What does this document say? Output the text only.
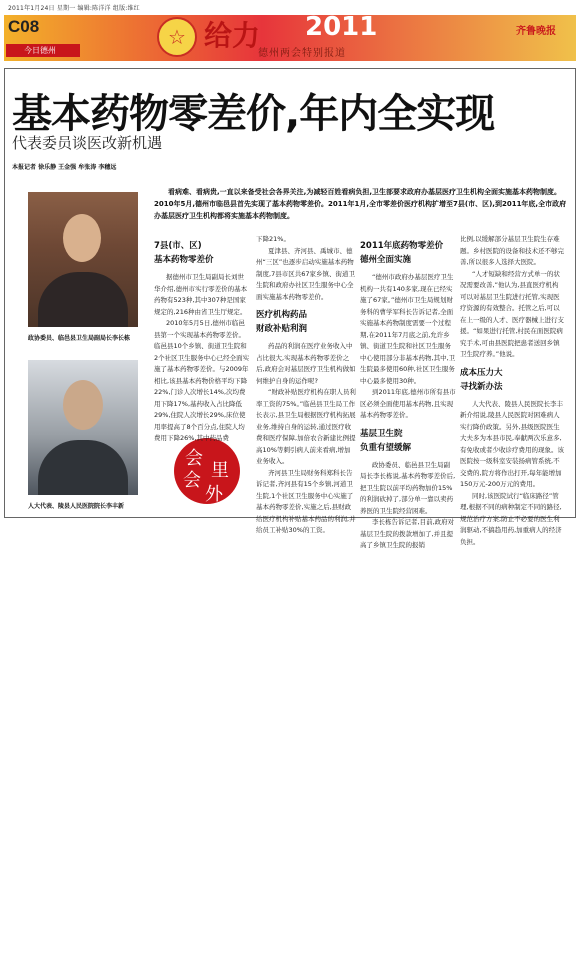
2011年1月24日 星期一 编辑:陈洋洋 组版:维红
C08
今日德州
☆ 给力 2011
德州两会特别报道
齐鲁晚报
基本药物零差价,年内全实现
代表委员谈医改新机遇
本报记者 徐乐静 王金强 牟张涛 李穗远
看病难、看病贵,一直以来备受社会各界关注,为减轻百姓看病负担,卫生部要求政府办基层医疗卫生机构全面实施基本药物制度。2010年5月,德州市临邑县首先实现了基本药物零差价。2011年1月,全市零差价医疗机构扩增至7县(市、区),到2011年底,全市政府办基层医疗卫生机构都将实施基本药物制度。
政协委员、临邑县卫生局副局长李长栋
人大代表、陵县人民医院院长李丰新
会
里
会
外
7县(市、区)
基本药物零差价

据德州市卫生局副局长刘世华介绍,德州市实行零差价的基本药物有523种,其中307种是国家规定的,216种由省卫生厅规定。

2010年5月5日,德州市临邑县第一个实现基本药物零差价。临邑县10个乡镇、街道卫生院和2个社区卫生服务中心已经全面实施了基本药物零差价。与2009年相比,该县基本药物价格平均下降22%,门诊人次增长14%,次均费用下降17%,基药收入占比降低29%,住院人次增长29%,床位使用率提高了8个百分点,住院人均费用下降26%,其中药品费

下降21%。

夏津县、齐河县、禹城市、德州“三区”也逐步启动实施基本药物制度,7县市区共67家乡镇、街道卫生院和政府办社区卫生服务中心全面实施基本药物零差价。

医疗机构药品
财政补贴利润

药品的利润在医疗业务收入中占比很大,实现基本药物零差价之后,政府会对基层医疗卫生机构做如何维护自身的运作呢?

“财政补贴医疗机构在职人员利率工资的75%。”临邑县卫生局工作长表示,县卫生局根据医疗机构拓展业务,维持自身的运转,通过医疗收费和医疗保障,加倍农合新建比例提高10%等刺引病人前来看病,增加业务收入。

齐河县卫生局财务科郑科长告诉记者,齐河县有15个乡镇,河道卫生院,1个社区卫生服务中心实施了基本药物零差价,实施之后,县财政给医疗机构补贴基本药品的利润,并给员工补贴30%的工资。

2011年底药物零差价
德州全面实施

“德州市政府办基层医疗卫生机构一共有140多家,现在已经实施了67家。”德州市卫生局规划财务科的曹学军科长告诉记者,全面实施基本药物制度需要一个过程期,在2011年7月底之前,允许乡镇、街道卫生院和社区卫生服务中心使用部分非基本药物,其中,卫生院最多使用60种,社区卫生服务中心最多使用30种。

到2011年底,德州市所有县市区必须全面使用基本药物,且实现基本药物零差价。

基层卫生院
负重有望缓解

政协委员、临邑县卫生局副局长李长栋说,基本药物零差价后,把卫生院以前平均药物加价15%的利润砍掉了,部分单一靠以卖药养医的卫生院经营困难。

李长栋告诉记者,目前,政府对基层卫生院的拨款增加了,并且提高了乡镇卫生院的报销

比例,以缓解部分基层卫生院生存难题。乡村医院的设备和技术还不够完善,所以很多人选择大医院。

“人才短缺和经营方式单一的状况需要改善,”他认为,县直医疗机构可以对基层卫生院进行托管,实现医疗资源的有效整合。托管之后,可以在上一级的人才、医疗器械上进行支援。“如果进行托管,村民在面医院病究手术,可由县医院把患者送回乡镇卫生院疗养。”他说。

成本压力大
寻找新办法

人大代表、陵县人民医院长李丰新介绍说,陵县人民医院对困难病人实行降价政策。另外,县级医院医生大夫多为本县市民,奉献两次乐意多,有免收或者少收诊疗费用的现象。该医院按一级科室安装扬病管系统,不交费的,院方将作出打开,每年能增加150万元-200万元的费用。

同时,该医院试行“临床路径”管理,根据不同的病种制定不同的路径,规范治疗方案,防止不必要的医生利润驱动,不搞趋用药,加重病人的经济负担。
